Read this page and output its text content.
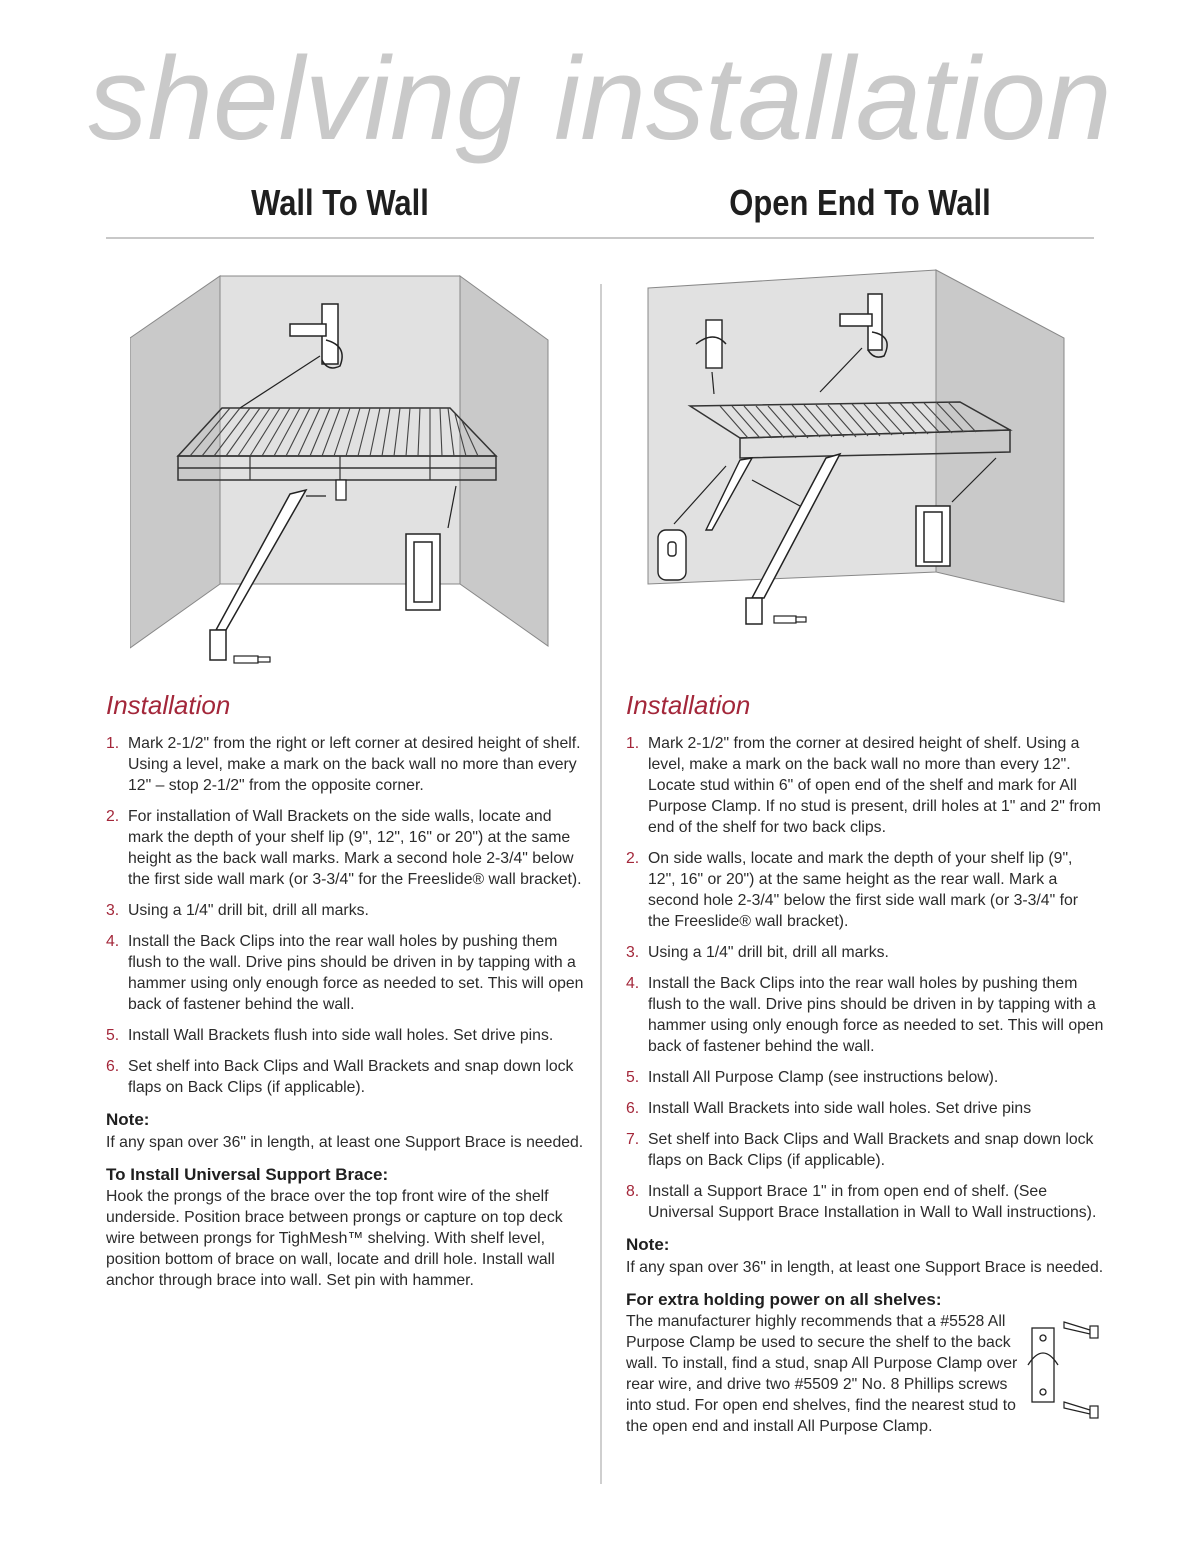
shelving installation
Wall To Wall	Open End To Wall
Installation
1. Mark 2-1/2" from the right or left corner at desired height of shelf. Using a level, make a mark on the back wall no more than every 12" – stop 2-1/2" from the opposite corner.
2. For installation of Wall Brackets on the side walls, locate and mark the depth of your shelf lip (9", 12", 16" or 20") at the same height as the back wall marks. Mark a second hole 2-3/4" below the first side wall mark (or 3-3/4" for the Freeslide® wall bracket).
3. Using a 1/4" drill bit, drill all marks.
4. Install the Back Clips into the rear wall holes by pushing them flush to the wall. Drive pins should be driven in by tapping with a hammer using only enough force as needed to set. This will open back of fastener behind the wall.
5. Install Wall Brackets flush into side wall holes. Set drive pins.
6. Set shelf into Back Clips and Wall Brackets and snap down lock flaps on Back Clips (if applicable).
Note:

If any span over 36" in length, at least one Support Brace is needed.

To Install Universal Support Brace:

Hook the prongs of the brace over the top front wire of the shelf underside. Position brace between prongs or capture on top deck wire between prongs for TighMesh™ shelving. With shelf level, position bottom of brace on wall, locate and drill hole. Install wall anchor through brace into wall. Set pin with hammer.

Installation
1. Mark 2-1/2" from the corner at desired height of shelf. Using a level, make a mark on the back wall no more than every 12". Locate stud within 6" of open end of the shelf and mark for All Purpose Clamp. If no stud is present, drill holes at 1" and 2" from end of the shelf for two back clips.
2. On side walls, locate and mark the depth of your shelf lip (9", 12", 16" or 20") at the same height as the rear wall. Mark a second hole 2-3/4" below the first side wall mark (or 3-3/4" for the Freeslide® wall bracket).
3. Using a 1/4" drill bit, drill all marks.
4. Install the Back Clips into the rear wall holes by pushing them flush to the wall. Drive pins should be driven in by tapping with a hammer using only enough force as needed to set. This will open back of fastener behind the wall.
5. Install All Purpose Clamp (see instructions below).
6. Install Wall Brackets into side wall holes. Set drive pins
7. Set shelf into Back Clips and Wall Brackets and snap down lock flaps on Back Clips (if applicable).
8. Install a Support Brace 1" in from open end of shelf. (See Universal Support Brace Installation in Wall to Wall instructions).
Note:

If any span over 36" in length, at least one Support Brace is needed.

For extra holding power on all shelves:

The manufacturer highly recommends that a #5528 All Purpose Clamp be used to secure the shelf to the back wall. To install, find a stud, snap All Purpose Clamp over rear wire, and drive two #5509 2" No. 8 Phillips screws into stud. For open end shelves, find the nearest stud to the open end and install All Purpose Clamp.
